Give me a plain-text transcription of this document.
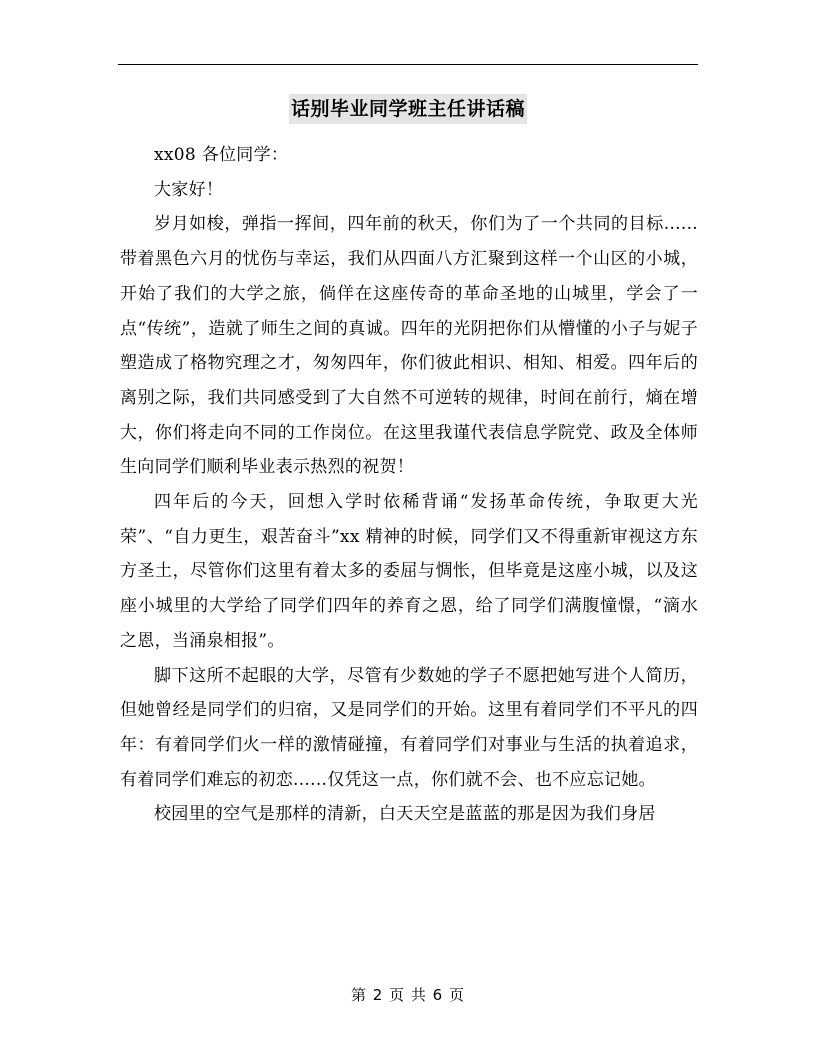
话别毕业同学班主任讲话稿

xx08 各位同学：

大家好！

岁月如梭，弹指一挥间，四年前的秋天，你们为了一个共同的目标......带着黑色六月的忧伤与幸运，我们从四面八方汇聚到这样一个山区的小城，开始了我们的大学之旅，倘佯在这座传奇的革命圣地的山城里，学会了一点“传统”，造就了师生之间的真诚。四年的光阴把你们从懵懂的小子与妮子塑造成了格物究理之才，匆匆四年，你们彼此相识、相知、相爱。四年后的离别之际，我们共同感受到了大自然不可逆转的规律，时间在前行，熵在增大，你们将走向不同的工作岗位。在这里我谨代表信息学院党、政及全体师生向同学们顺利毕业表示热烈的祝贺！

四年后的今天，回想入学时依稀背诵“发扬革命传统，争取更大光荣”、“自力更生，艰苦奋斗”xx 精神的时候，同学们又不得重新审视这方东方圣土，尽管你们这里有着太多的委屈与惆怅，但毕竟是这座小城，以及这座小城里的大学给了同学们四年的养育之恩，给了同学们满腹憧憬，“滴水之恩，当涌泉相报”。

脚下这所不起眼的大学，尽管有少数她的学子不愿把她写进个人简历，但她曾经是同学们的归宿，又是同学们的开始。这里有着同学们不平凡的四年：有着同学们火一样的激情碰撞，有着同学们对事业与生活的执着追求，有着同学们难忘的初恋......仅凭这一点，你们就不会、也不应忘记她。

校园里的空气是那样的清新，白天天空是蓝蓝的那是因为我们身居

第 2 页 共 6 页
